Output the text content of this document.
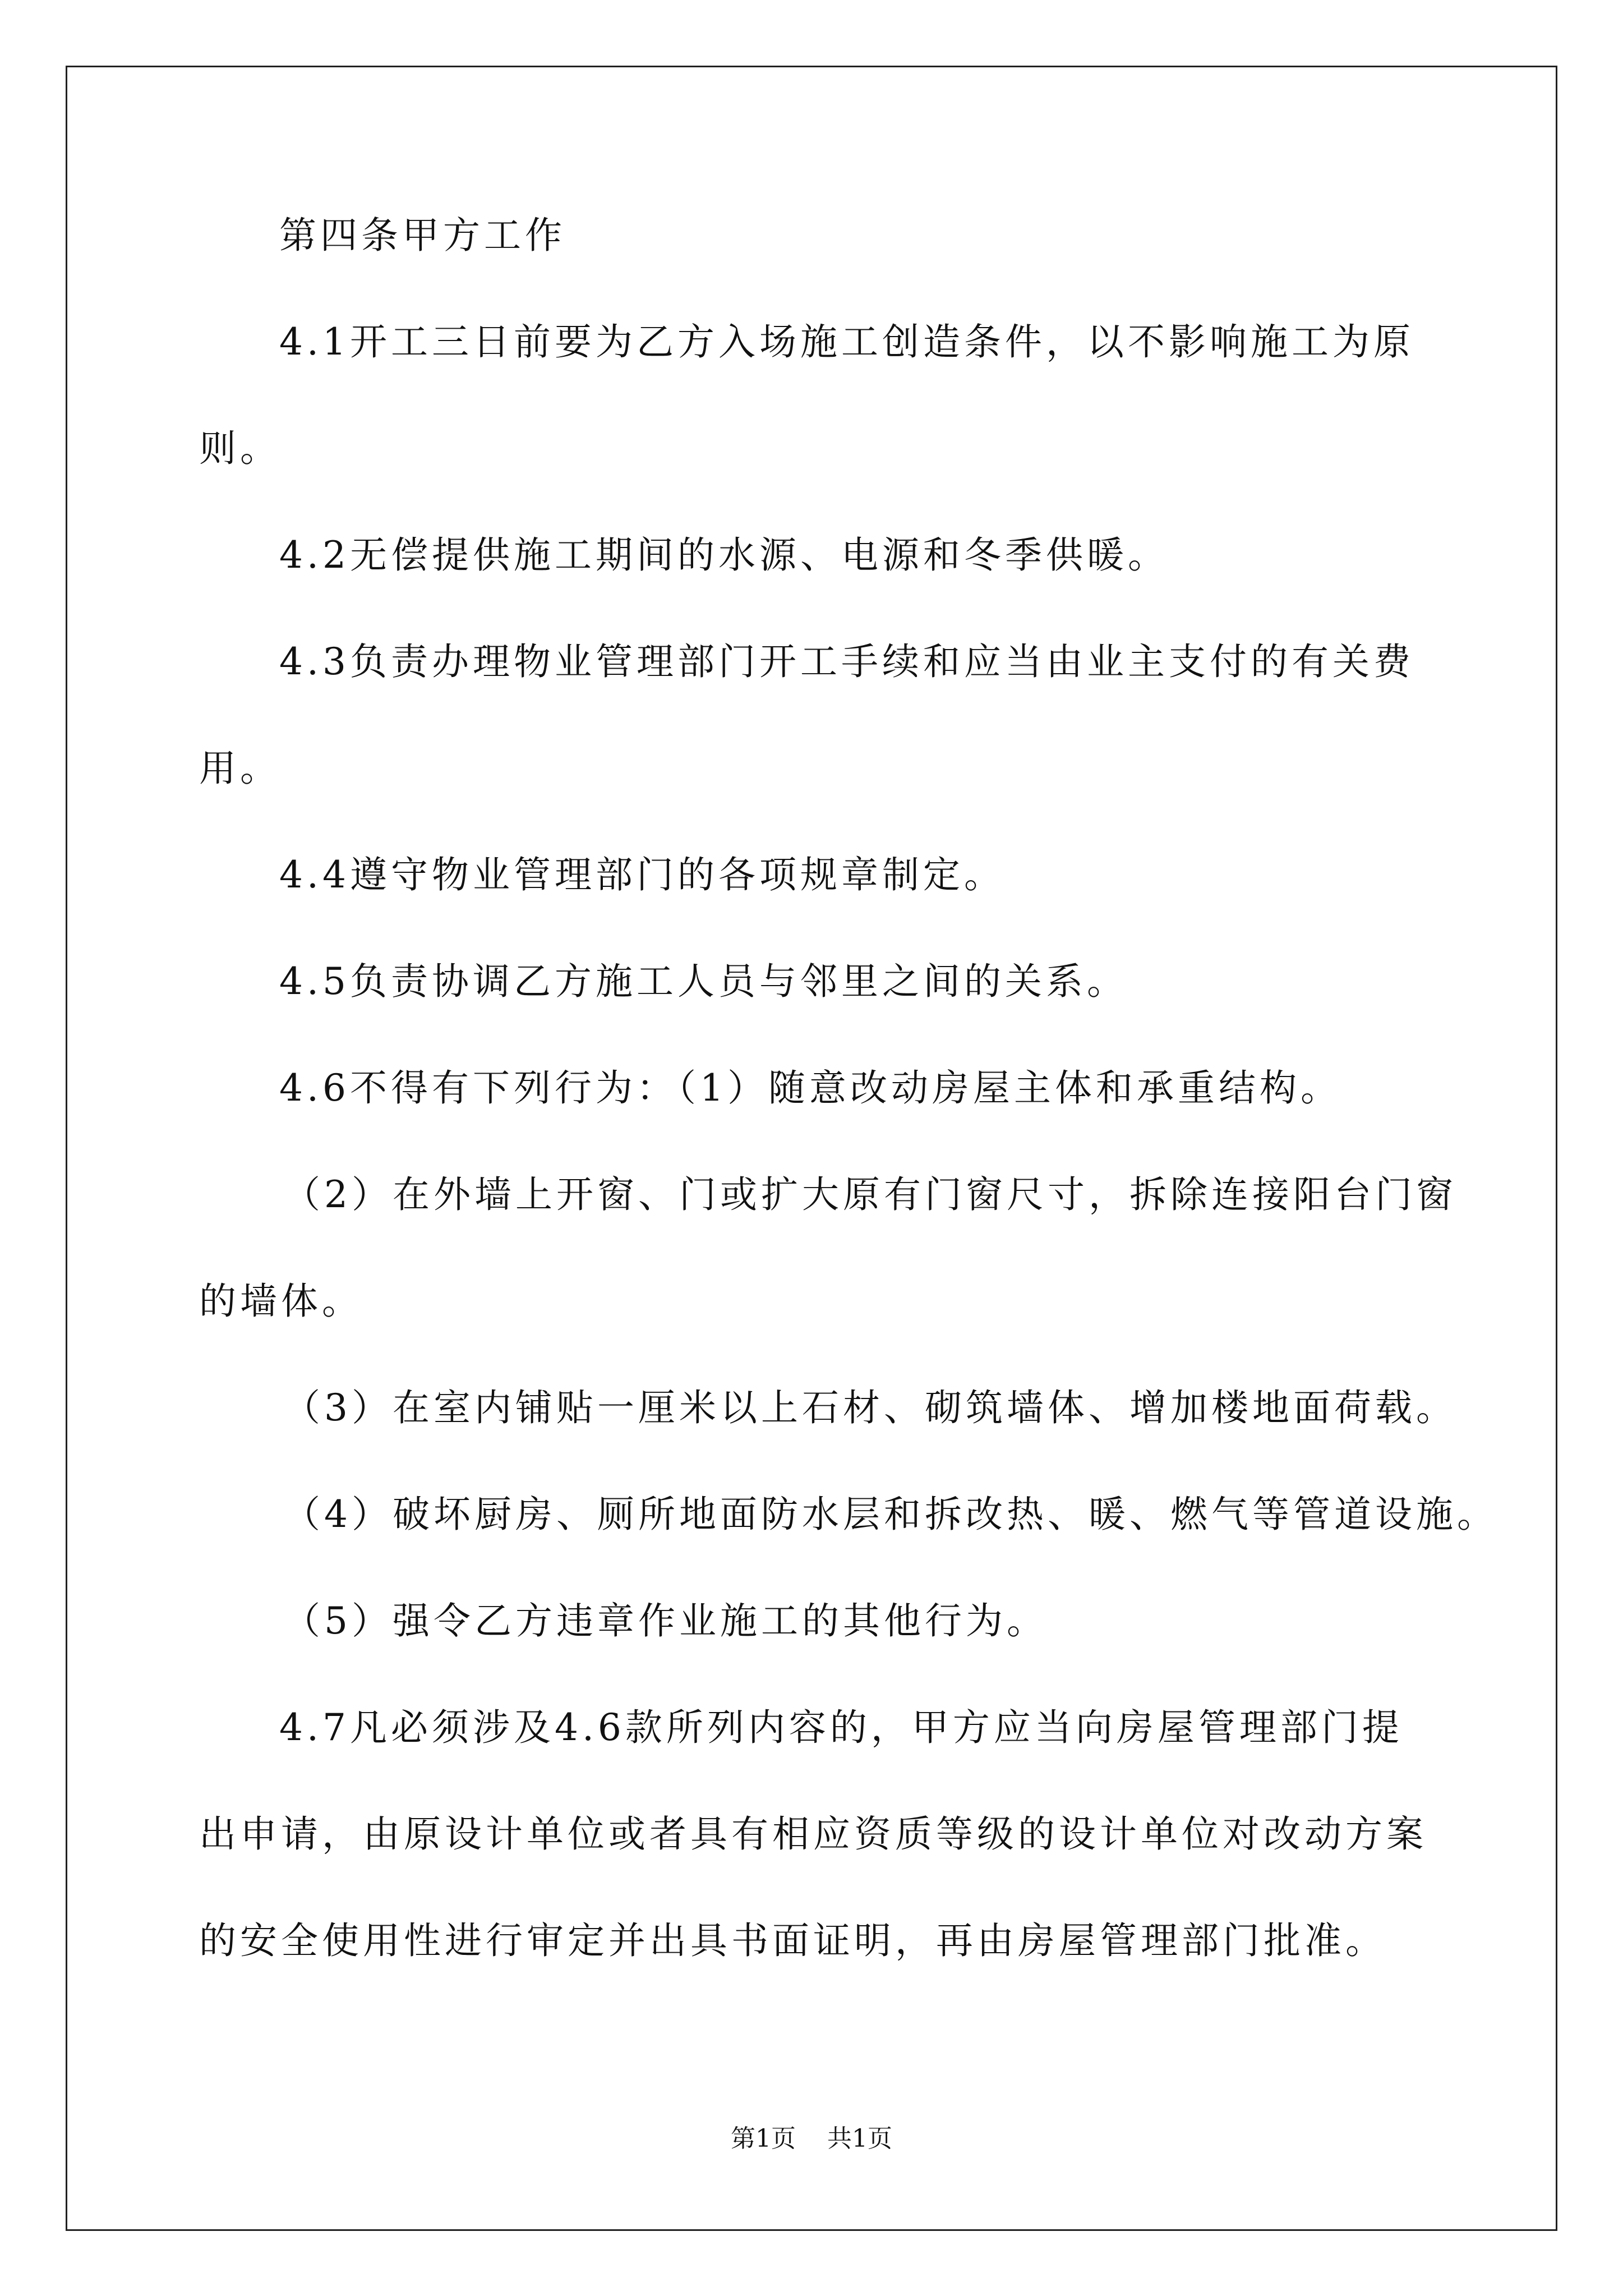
第四条甲方工作
4.1开工三日前要为乙方入场施工创造条件，以不影响施工为原
则。
4.2无偿提供施工期间的水源、电源和冬季供暖。
4.3负责办理物业管理部门开工手续和应当由业主支付的有关费
用。
4.4遵守物业管理部门的各项规章制定。
4.5负责协调乙方施工人员与邻里之间的关系。
4.6不得有下列行为：（1）随意改动房屋主体和承重结构。
（2）在外墙上开窗、门或扩大原有门窗尺寸，拆除连接阳台门窗
的墙体。
（3）在室内铺贴一厘米以上石材、砌筑墙体、增加楼地面荷载。
（4）破坏厨房、厕所地面防水层和拆改热、暖、燃气等管道设施。
（5）强令乙方违章作业施工的其他行为。
4.7凡必须涉及4.6款所列内容的，甲方应当向房屋管理部门提
出申请，由原设计单位或者具有相应资质等级的设计单位对改动方案
的安全使用性进行审定并出具书面证明，再由房屋管理部门批准。
第1页 共1页
